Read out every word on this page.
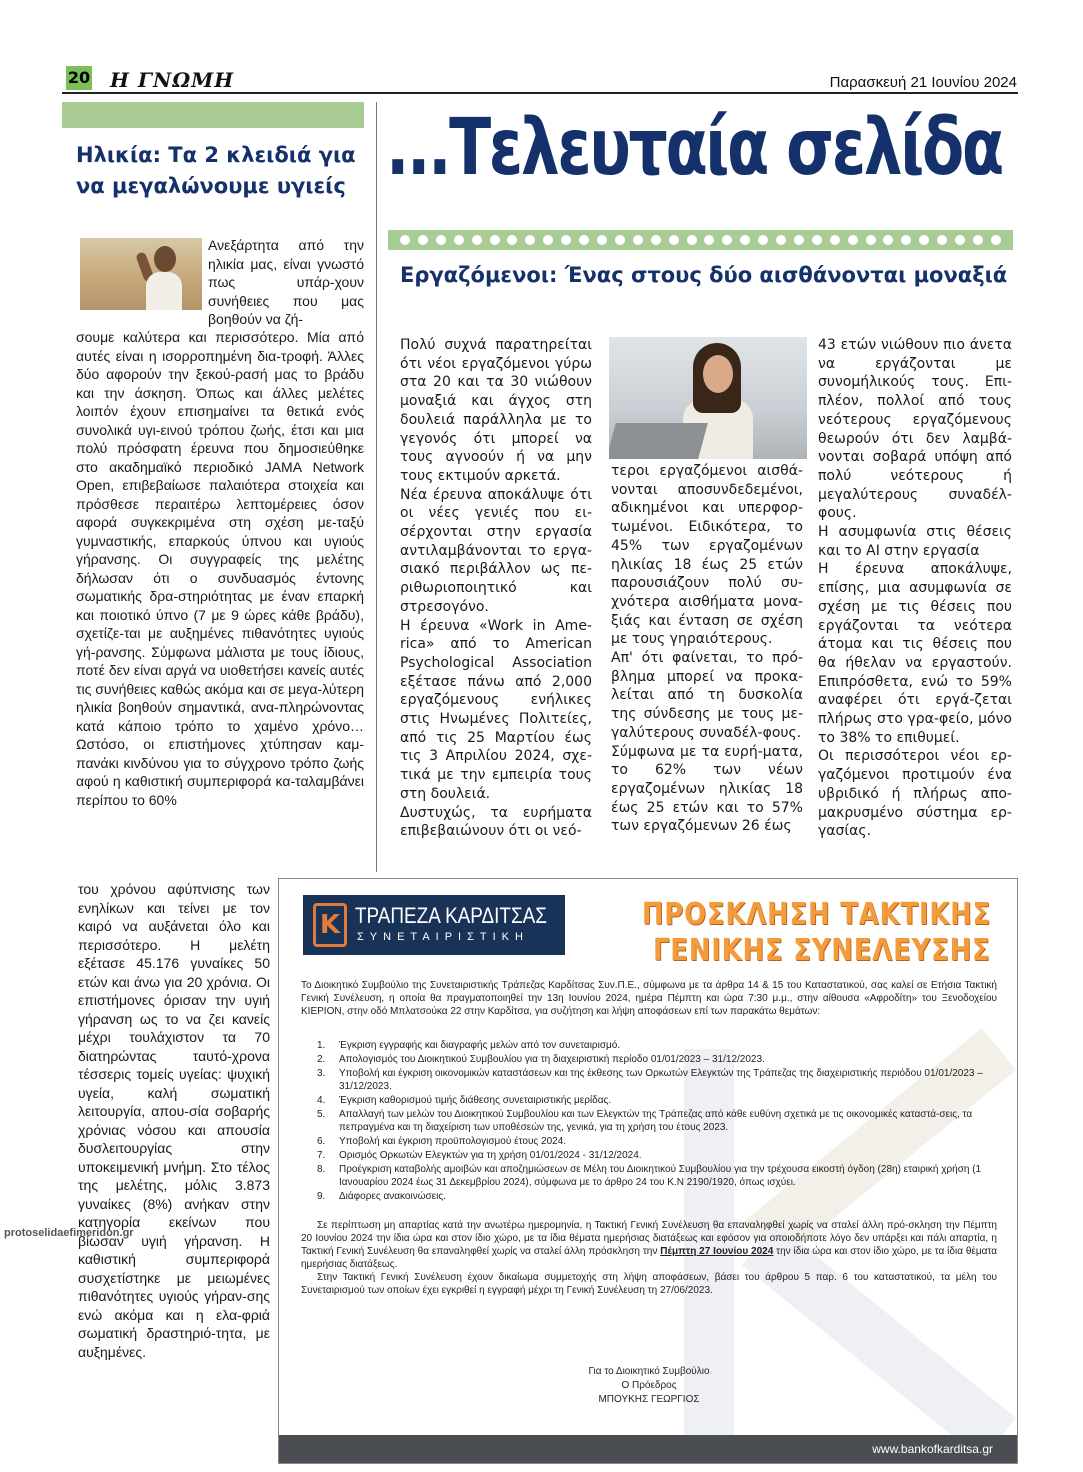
20 Η ΓΝΩΜΗ	Παρασκευή 21 Ιουνίου 2024
Ηλικία: Τα 2 κλειδιά για να μεγαλώνουμε υγιείς
Ανεξάρτητα από την ηλικία μας, είναι γνωστό πως υπάρ-χουν συνήθειες που μας βοηθούν να ζή-
σουμε καλύτερα και περισσότερο. Μία από αυτές είναι η ισορροπημένη δια-τροφή. Άλλες δύο αφορούν την ξεκού-ρασή μας το βράδυ και την άσκηση. Όπως και άλλες μελέτες λοιπόν έχουν επισημαίνει τα θετικά ενός συνολικά υγι-εινού τρόπου ζωής, έτσι και μια πολύ πρόσφατη έρευνα που δημοσιεύθηκε στο ακαδημαϊκό περιοδικό JAMA Network Open, επιβεβαίωσε παλαιότερα στοιχεία και πρόσθεσε περαιτέρω λεπτομέρειες όσον αφορά συγκεκριμένα στη σχέση με-ταξύ γυμναστικής, επαρκούς ύπνου και υγιούς γήρανσης. Οι συγγραφείς της μελέτης δήλωσαν ότι ο συνδυασμός έντονης σωματικής δρα-στηριότητας με έναν επαρκή και ποιοτικό ύπνο (7 με 9 ώρες κάθε βράδυ), σχετίζε-ται με αυξημένες πιθανότητες υγιούς γή-ρανσης. Σύμφωνα μάλιστα με τους ίδιους, ποτέ δεν είναι αργά να υιοθετήσει κανείς αυτές τις συνήθειες καθώς ακόμα και σε μεγα-λύτερη ηλικία βοηθούν σημαντικά, ανα-πληρώνοντας κατά κάποιο τρόπο το χαμένο χρόνο… Ωστόσο, οι επιστήμονες χτύπησαν καμ-πανάκι κινδύνου για το σύγχρονο τρόπο ζωής αφού η καθιστική συμπεριφορά κα-ταλαμβάνει περίπου το 60%
του χρόνου αφύπνισης των ενηλίκων και τείνει με τον καιρό να αυξάνεται όλο και περισσότερο. Η μελέτη εξέτασε 45.176 γυναίκες 50 ετών και άνω για 20 χρόνια. Οι επιστήμονες όρισαν την υγιή γήρανση ως το να ζει κανείς μέχρι τουλάχιστον τα 70 διατηρώντας ταυτό-χρονα τέσσερις τομείς υγείας: ψυχική υγεία, καλή σωματική λειτουργία, απου-σία σοβαρής χρόνιας νόσου και απουσία δυσλειτουργίας στην υποκειμενική μνήμη. Στο τέλος της μελέτης, μόλις 3.873 γυναίκες (8%) ανήκαν στην κατηγορία εκείνων που βίωσαν υγιή γήρανση. Η καθιστική συμπεριφορά συσχετίστηκε με μειωμένες πιθανότητες υγιούς γήραν-σης ενώ ακόμα και η ελα-φριά σωματική δραστηριό-τητα, με αυξημένες.
protoselidaefimeridon.gr
...Τελευταία σελίδα
Εργαζόμενοι: Ένας στους δύο αισθάνονται μοναξιά

Πολύ συχνά παρατηρείται ότι νέοι εργαζόμενοι γύρω στα 20 και τα 30 νιώθουν μοναξιά και άγχος στη δουλειά παράλληλα με το γεγονός ότι μπορεί να τους αγνοούν ή να μην τους εκτιμούν αρκετά.

Νέα έρευνα αποκάλυψε ότι οι νέες γενιές που ει-σέρχονται στην εργασία αντιλαμβάνονται το εργα-σιακό περιβάλλον ως πε-ριθωριοποιητικό και στρεσογόνο.

Η έρευνα «Work in Ame-rica» από το American Psychological Association εξέτασε πάνω από 2,000 εργαζόμενους ενήλικες στις Ηνωμένες Πολιτείες, από τις 25 Μαρτίου έως τις 3 Απριλίου 2024, σχε-τικά με την εμπειρία τους στη δουλειά.

Δυστυχώς, τα ευρήματα επιβεβαιώνουν ότι οι νεό-

τεροι εργαζόμενοι αισθά-νονται αποσυνδεδεμένοι, αδικημένοι και υπερφορ-τωμένοι. Ειδικότερα, το 45% των εργαζομένων ηλικίας 18 έως 25 ετών παρουσιάζουν πολύ συ-χνότερα αισθήματα μονα-ξιάς και ένταση σε σχέση με τους γηραιότερους.

Απ' ότι φαίνεται, το πρό-βλημα μπορεί να προκα-λείται από τη δυσκολία της σύνδεσης με τους με-γαλύτερους συναδέλ-φους.

Σύμφωνα με τα ευρή-ματα, το 62% των νέων εργαζομένων ηλικίας 18 έως 25 ετών και το 57% των εργαζόμενων 26 έως

43 ετών νιώθουν πιο άνετα να εργάζονται με συνομήλικούς τους. Επι-πλέον, πολλοί από τους νεότερους εργαζόμενους θεωρούν ότι δεν λαμβά-νονται σοβαρά υπόψη από πολύ νεότερους ή μεγαλύτερους συναδέλ-φους.

Η ασυμφωνία στις θέσεις και το AI στην εργασία

Η έρευνα αποκάλυψε, επίσης, μια ασυμφωνία σε σχέση με τις θέσεις που εργάζονται τα νεότερα άτομα και τις θέσεις που θα ήθελαν να εργαστούν. Επιπρόσθετα, ενώ το 59% αναφέρει ότι εργά-ζεται πλήρως στο γρα-φείο, μόνο το 38% το επιθυμεί.

Οι περισσότεροι νέοι ερ-γαζόμενοι προτιμούν ένα υβριδικό ή πλήρως απο-μακρυσμένο σύστημα ερ-γασίας.

K ΤΡΑΠΕΖΑ ΚΑΡΔΙΤΣΑΣ
ΣΥΝΕΤΑΙΡΙΣΤΙΚΗ
ΠΡΟΣΚΛΗΣΗ ΤΑΚΤΙΚΗΣ
ΓΕΝΙΚΗΣ ΣΥΝΕΛΕΥΣΗΣ
Το Διοικητικό Συμβούλιο της Συνεταιριστικής Τράπεζας Καρδίτσας Συν.Π.Ε., σύμφωνα με τα άρθρα 14 & 15 του Καταστατικού, σας καλεί σε Ετήσια Τακτική Γενική Συνέλευση, η οποία θα πραγματοποιηθεί την 13η Ιουνίου 2024, ημέρα Πέμπτη και ώρα 7:30 μ.μ., στην αίθουσα «Αφροδίτη» του Ξενοδοχείου ΚΙΕΡΙΟΝ, στην οδό Μπλατσούκα 22 στην Καρδίτσα, για συζήτηση και λήψη αποφάσεων επί των παρακάτω θεμάτων:
1.	Έγκριση εγγραφής και διαγραφής μελών από τον συνεταιρισμό.
2.	Απολογισμός του Διοικητικού Συμβουλίου για τη διαχειριστική περίοδο 01/01/2023 – 31/12/2023.
3.	Υποβολή και έγκριση οικονομικών καταστάσεων και της έκθεσης των Ορκωτών Ελεγκτών της Τράπεζας της διαχειριστικής περιόδου 01/01/2023 – 31/12/2023.
4.	Έγκριση καθορισμού τιμής διάθεσης συνεταιριστικής μερίδας.
5.	Απαλλαγή των μελών του Διοικητικού Συμβουλίου και των Ελεγκτών της Τράπεζας από κάθε ευθύνη σχετικά με τις οικονομικές καταστά-σεις, τα πεπραγμένα και τη διαχείριση των υποθέσεών της, γενικά, για τη χρήση του έτους 2023.
6.	Υποβολή και έγκριση προϋπολογισμού έτους 2024.
7.	Ορισμός Ορκωτών Ελεγκτών για τη χρήση 01/01/2024 - 31/12/2024.
8.	Προέγκριση καταβολής αμοιβών και αποζημιώσεων σε Μέλη του Διοικητικού Συμβουλίου για την τρέχουσα εικοστή όγδοη (28η) εταιρική χρήση (1 Ιανουαρίου 2024 έως 31 Δεκεμβρίου 2024), σύμφωνα με το άρθρο 24 του Κ.Ν 2190/1920, όπως ισχύει.
9.	Διάφορες ανακοινώσεις.

Σε περίπτωση μη απαρτίας κατά την ανωτέρω ημερομηνία, η Τακτική Γενική Συνέλευση θα επαναληφθεί χωρίς να σταλεί άλλη πρό-σκληση την Πέμπτη 20 Ιουνίου 2024 την ίδια ώρα και στον ίδιο χώρο, με τα ίδια θέματα ημερήσιας διατάξεως και εφόσον για οποιοδήποτε λόγο δεν υπάρξει και πάλι απαρτία, η Τακτική Γενική Συνέλευση θα επαναληφθεί χωρίς να σταλεί άλλη πρόσκληση την Πέμπτη 27 Ιουνίου 2024 την ίδια ώρα και στον ίδιο χώρο, με τα ίδια θέματα ημερήσιας διατάξεως.

Στην Τακτική Γενική Συνέλευση έχουν δικαίωμα συμμετοχής στη λήψη αποφάσεων, βάσει του άρθρου 5 παρ. 6 του καταστατικού, τα μέλη του Συνεταιρισμού των οποίων έχει εγκριθεί η εγγραφή μέχρι τη Γενική Συνέλευση τη 27/06/2023.

Για το Διοικητικό Συμβούλιο
Ο Πρόεδρος
ΜΠΟΥΚΗΣ ΓΕΩΡΓΙΟΣ
www.bankofkarditsa.gr
